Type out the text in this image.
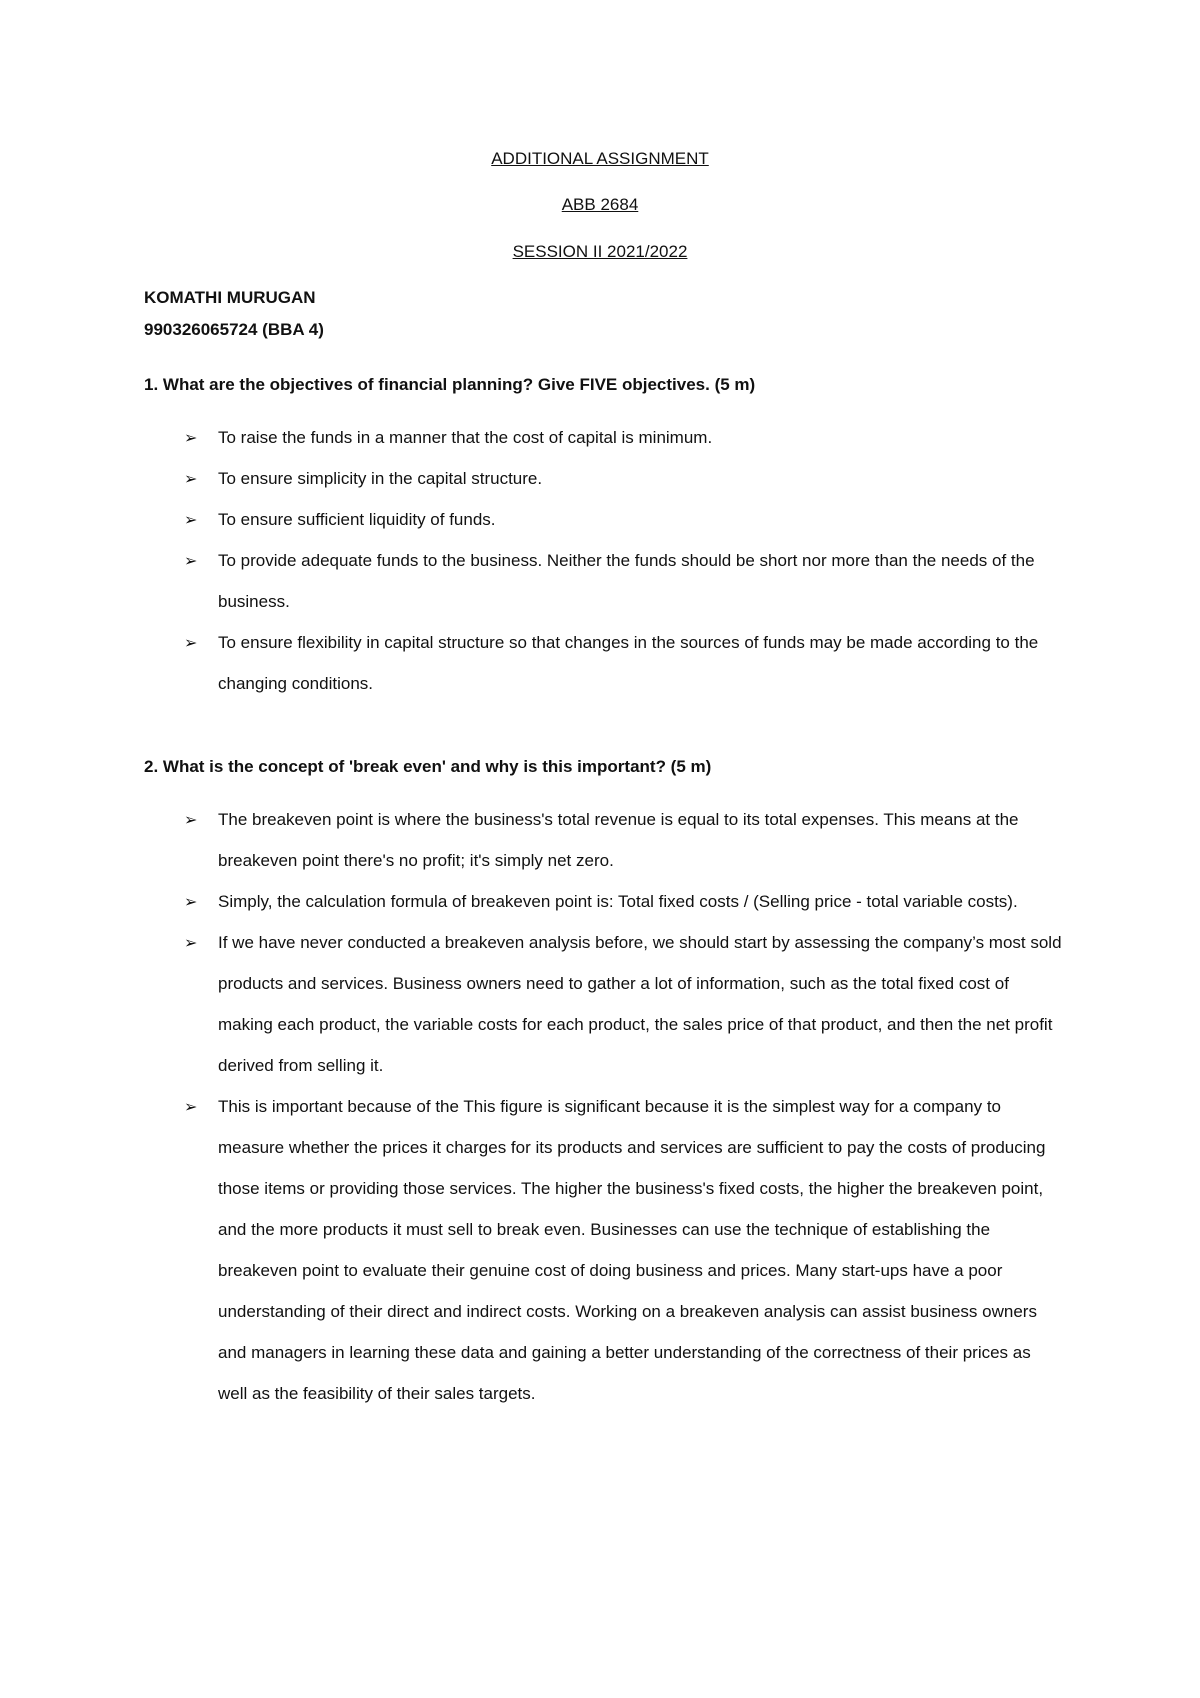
ADDITIONAL ASSIGNMENT
ABB 2684
SESSION II 2021/2022
KOMATHI MURUGAN
990326065724 (BBA 4)
1. What are the objectives of financial planning? Give FIVE objectives. (5 m)
➢ To raise the funds in a manner that the cost of capital is minimum.
➢ To ensure simplicity in the capital structure.
➢ To ensure sufficient liquidity of funds.
➢ To provide adequate funds to the business. Neither the funds should be short nor more than the needs of the business.
➢ To ensure flexibility in capital structure so that changes in the sources of funds may be made according to the changing conditions.
2. What is the concept of 'break even' and why is this important? (5 m)
➢ The breakeven point is where the business's total revenue is equal to its total expenses. This means at the breakeven point there's no profit; it's simply net zero.
➢ Simply, the calculation formula of breakeven point is: Total fixed costs / (Selling price - total variable costs).
➢ If we have never conducted a breakeven analysis before, we should start by assessing the company’s most sold products and services. Business owners need to gather a lot of information, such as the total fixed cost of making each product, the variable costs for each product, the sales price of that product, and then the net profit derived from selling it.
➢ This is important because of the This figure is significant because it is the simplest way for a company to measure whether the prices it charges for its products and services are sufficient to pay the costs of producing those items or providing those services. The higher the business's fixed costs, the higher the breakeven point, and the more products it must sell to break even. Businesses can use the technique of establishing the breakeven point to evaluate their genuine cost of doing business and prices. Many start-ups have a poor understanding of their direct and indirect costs. Working on a breakeven analysis can assist business owners and managers in learning these data and gaining a better understanding of the correctness of their prices as well as the feasibility of their sales targets.
